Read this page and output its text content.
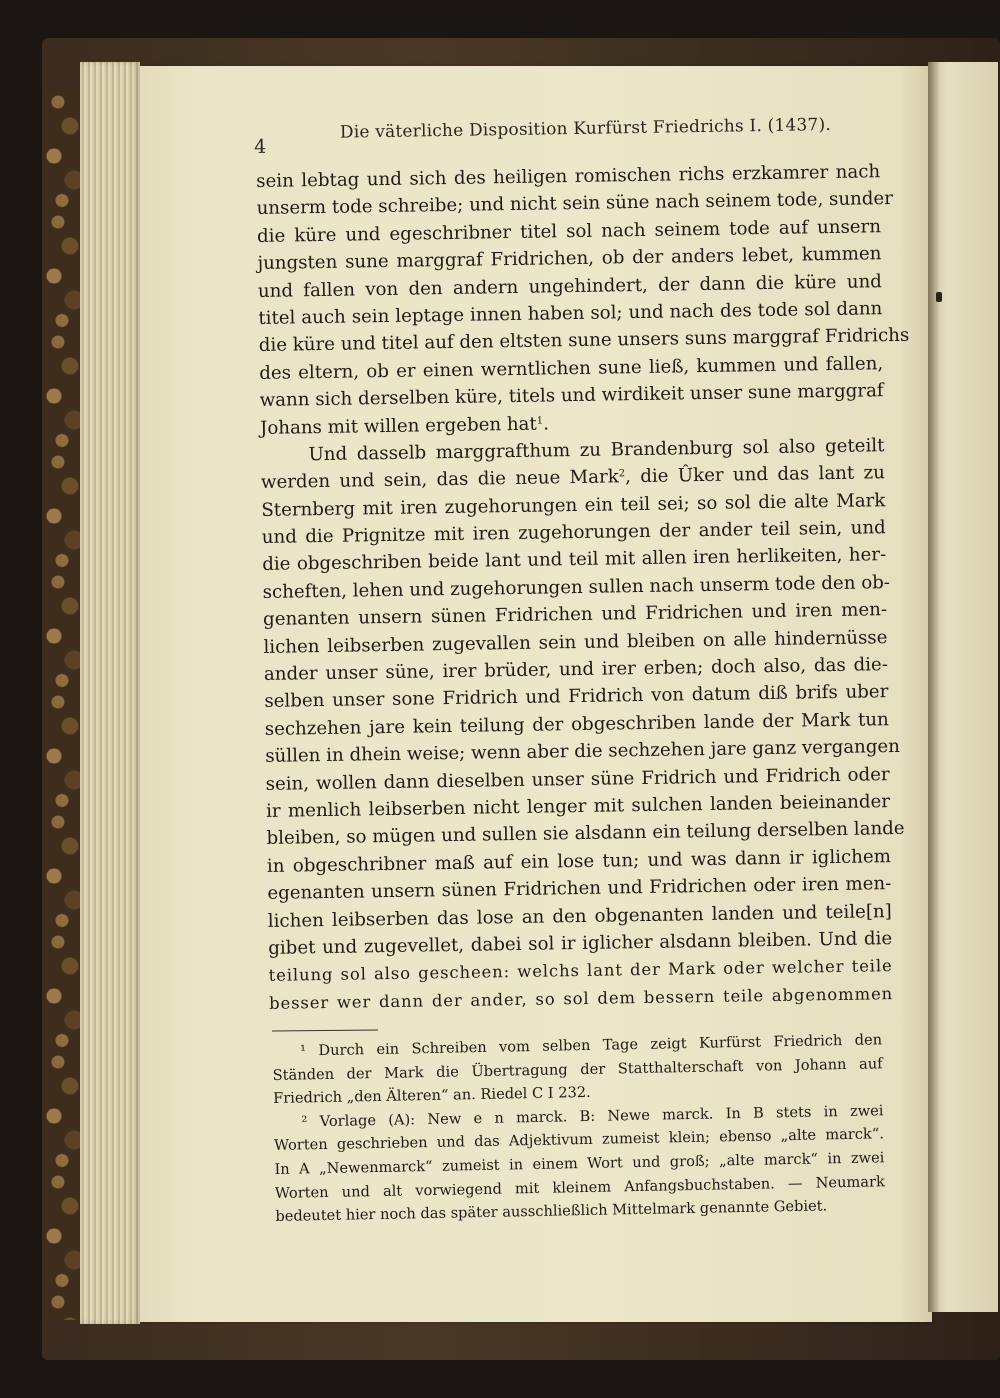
4
Die väterliche Disposition Kurfürst Friedrichs I. (1437).
sein lebtag und sich des heiligen romischen richs erzkamrer nach
unserm tode schreibe; und nicht sein süne nach seinem tode, sunder
die küre und egeschribner titel sol nach seinem tode auf unsern
jungsten sune marggraf Fridrichen, ob der anders lebet, kummen
und fallen von den andern ungehindert, der dann die küre und
titel auch sein leptage innen haben sol; und nach des tode sol dann
die küre und titel auf den eltsten sune unsers suns marggraf Fridrichs
des eltern, ob er einen werntlichen sune ließ, kummen und fallen,
wann sich derselben küre, titels und wirdikeit unser sune marggraf
Johans mit willen ergeben hat$^1$.
Und dasselb marggrafthum zu Brandenburg sol also geteilt
werden und sein, das die neue Mark$^2$, die Ûker und das lant zu
Sternberg mit iren zugehorungen ein teil sei; so sol die alte Mark
und die Prignitze mit iren zugehorungen der ander teil sein, und
die obgeschriben beide lant und teil mit allen iren herlikeiten, her-
scheften, lehen und zugehorungen sullen nach unserm tode den ob-
genanten unsern sünen Fridrichen und Fridrichen und iren men-
lichen leibserben zugevallen sein und bleiben on alle hindernüsse
ander unser süne, irer brüder, und irer erben; doch also, das die-
selben unser sone Fridrich und Fridrich von datum diß brifs uber
sechzehen jare kein teilung der obgeschriben lande der Mark tun
süllen in dhein weise; wenn aber die sechzehen jare ganz vergangen
sein, wollen dann dieselben unser süne Fridrich und Fridrich oder
ir menlich leibserben nicht lenger mit sulchen landen beieinander
bleiben, so mügen und sullen sie alsdann ein teilung derselben lande
in obgeschribner maß auf ein lose tun; und was dann ir iglichem
egenanten unsern sünen Fridrichen und Fridrichen oder iren men-
lichen leibserben das lose an den obgenanten landen und teile[n]
gibet und zugevellet, dabei sol ir iglicher alsdann bleiben. Und die
teilung sol also gescheen: welchs lant der Mark oder welcher teile
besser wer dann der ander, so sol dem bessern teile abgenommen
¹ Durch ein Schreiben vom selben Tage zeigt Kurfürst Friedrich den
Ständen der Mark die Übertragung der Statthalterschaft von Johann auf
Friedrich „den Älteren“ an. Riedel C I 232.
² Vorlage (A): New e n marck. B: Newe marck. In B stets in zwei
Worten geschrieben und das Adjektivum zumeist klein; ebenso „alte marck“.
In A „Newenmarck“ zumeist in einem Wort und groß; „alte marck“ in zwei
Worten und alt vorwiegend mit kleinem Anfangsbuchstaben. — Neumark
bedeutet hier noch das später ausschließlich Mittelmark genannte Gebiet.
